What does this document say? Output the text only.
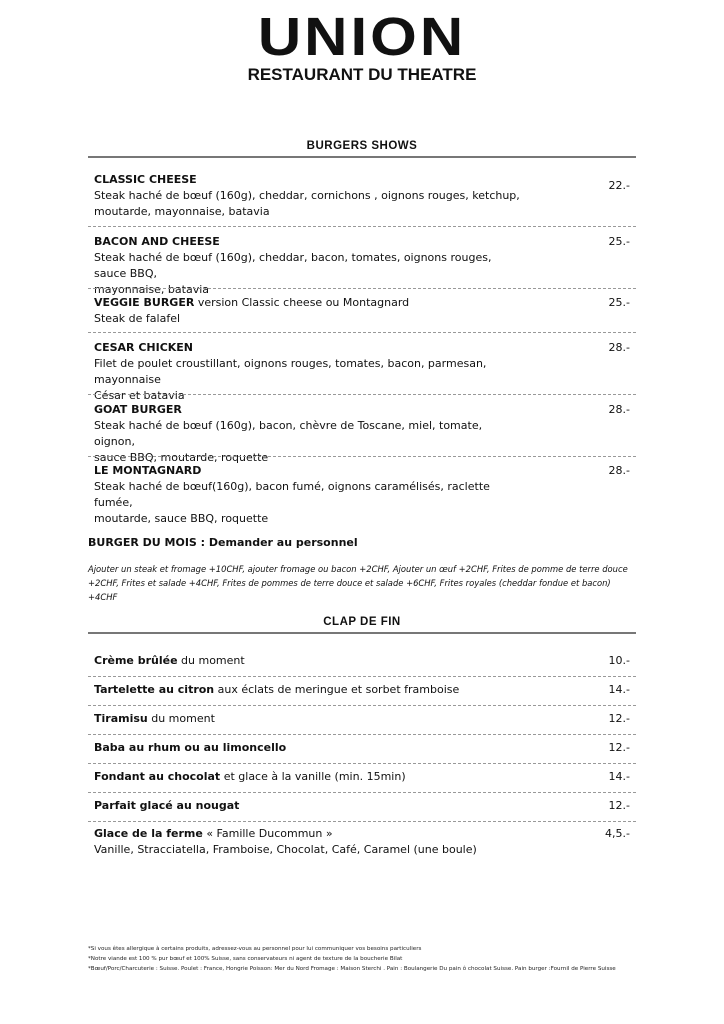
UNION
RESTAURANT DU THEATRE
BURGERS SHOWS
CLASSIC CHEESE
Steak haché de bœuf (160g), cheddar, cornichons , oignons rouges, ketchup,
moutarde, mayonnaise, batavia
22.-
BACON AND CHEESE
Steak haché de bœuf (160g), cheddar, bacon, tomates, oignons rouges, sauce BBQ,
mayonnaise, batavia
25.-
VEGGIE BURGER version Classic cheese ou Montagnard
Steak de falafel
25.-
CESAR CHICKEN
Filet de poulet croustillant, oignons rouges, tomates, bacon, parmesan, mayonnaise
César et batavia
28.-
GOAT BURGER
Steak haché de bœuf (160g), bacon, chèvre de Toscane, miel, tomate, oignon,
sauce BBQ, moutarde, roquette
28.-
LE MONTAGNARD
Steak haché de bœuf(160g), bacon fumé, oignons caramélisés, raclette fumée,
moutarde, sauce BBQ, roquette
28.-
BURGER DU MOIS : Demander au personnel
Ajouter un steak et fromage +10CHF, ajouter fromage ou bacon +2CHF, Ajouter un œuf +2CHF, Frites de pomme de terre douce +2CHF, Frites et salade +4CHF, Frites de pommes de terre douce et salade +6CHF, Frites royales (cheddar fondue et bacon) +4CHF
CLAP DE FIN
Crème brûlée du moment	10.-
Tartelette au citron aux éclats de meringue et sorbet framboise	14.-
Tiramisu du moment	12.-
Baba au rhum ou au limoncello	12.-
Fondant au chocolat et glace à la vanille (min. 15min)	14.-
Parfait glacé au nougat	12.-
Glace de la ferme « Famille Ducommun »
Vanille, Stracciatella, Framboise, Chocolat, Café, Caramel (une boule)
4,5.-
*Si vous êtes allergique à certains produits, adressez-vous au personnel pour lui communiquer vos besoins particuliers
*Notre viande est 100 % pur bœuf et 100% Suisse, sans conservateurs ni agent de texture de la boucherie Bilat
*Bœuf/Porc/Charcuterie : Suisse. Poulet : France, Hongrie Poisson: Mer du Nord Fromage : Maison Sterchi . Pain : Boulangerie Du pain ô chocolat Suisse. Pain burger :Fournil de Pierre Suisse
